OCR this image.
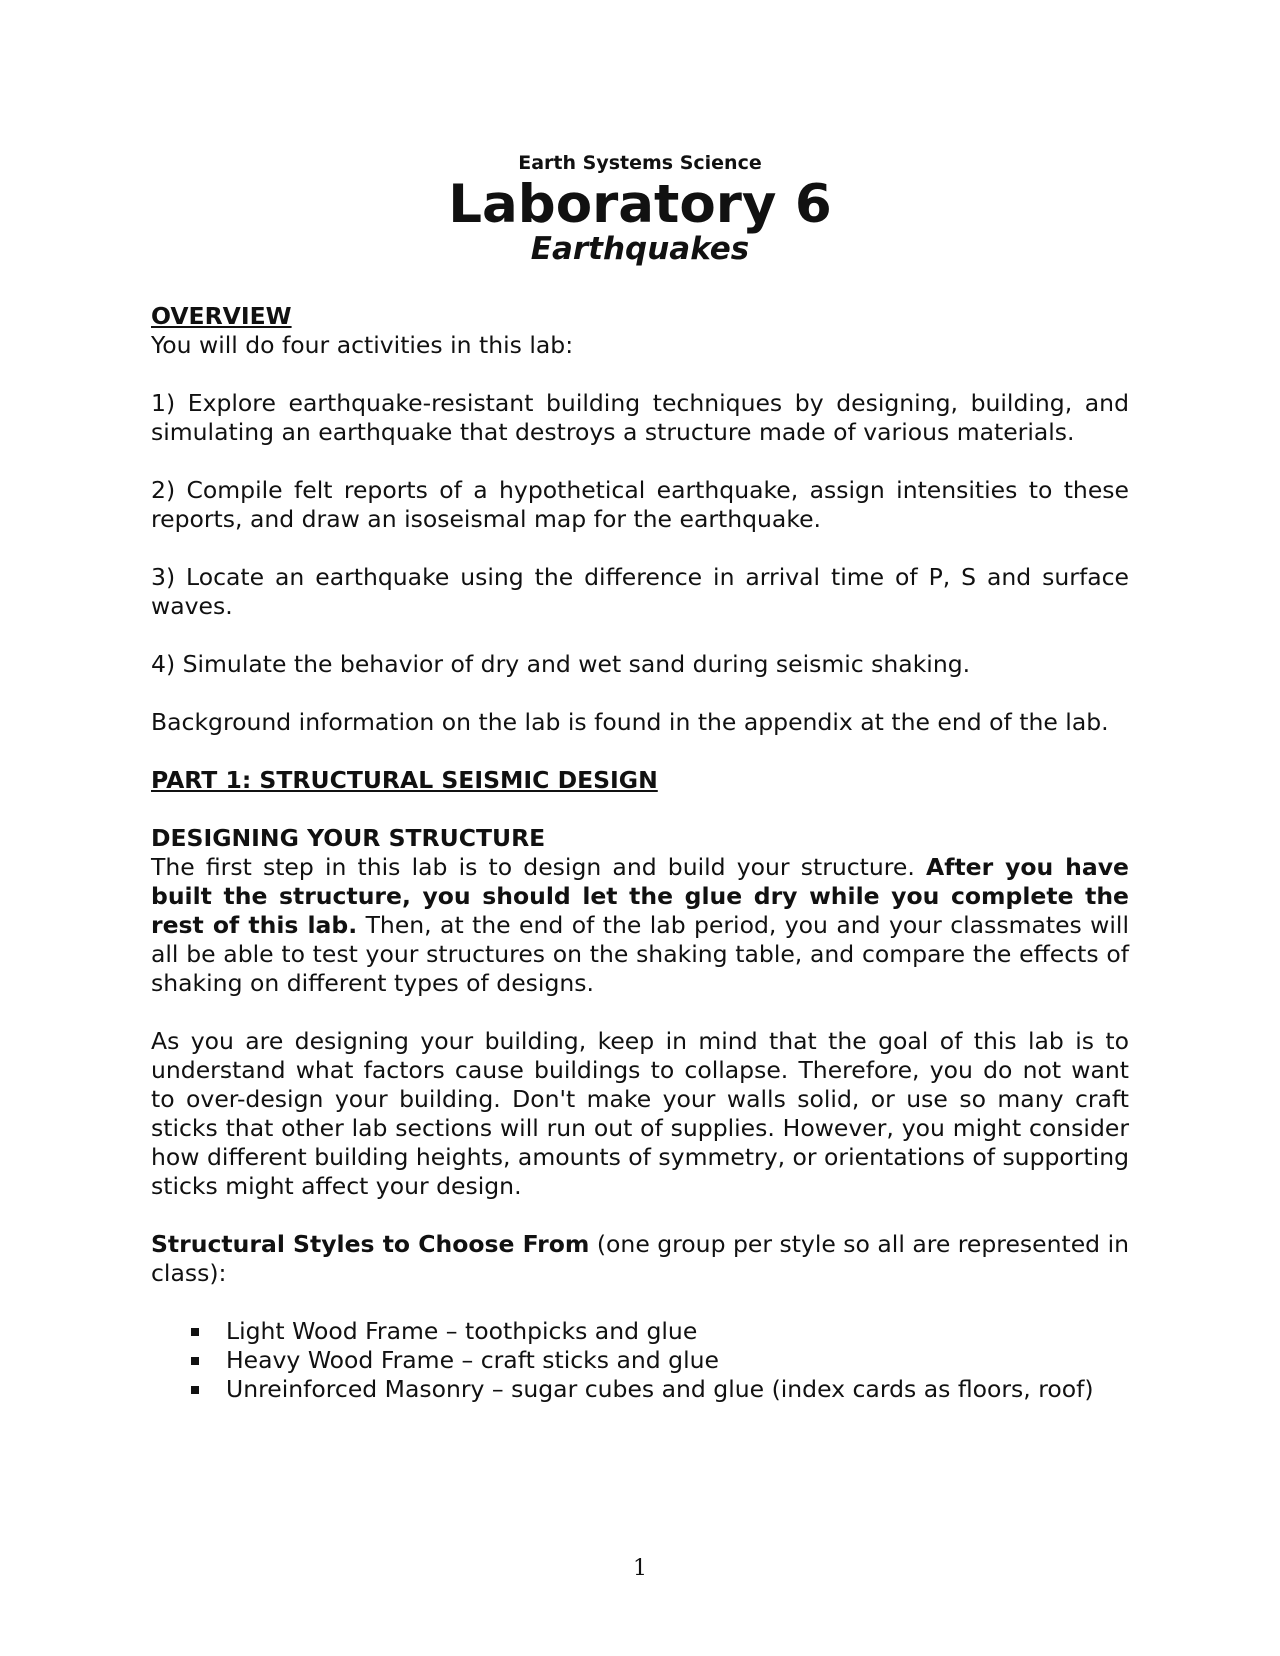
Earth Systems Science
Laboratory 6
Earthquakes

OVERVIEW

You will do four activities in this lab:

1) Explore earthquake-resistant building techniques by designing, building, and simulating an earthquake that destroys a structure made of various materials.

2) Compile felt reports of a hypothetical earthquake, assign intensities to these reports, and draw an isoseismal map for the earthquake.

3) Locate an earthquake using the difference in arrival time of P, S and surface waves.

4) Simulate the behavior of dry and wet sand during seismic shaking.

Background information on the lab is found in the appendix at the end of the lab.

PART 1: STRUCTURAL SEISMIC DESIGN

DESIGNING YOUR STRUCTURE

The first step in this lab is to design and build your structure. After you have built the structure, you should let the glue dry while you complete the rest of this lab. Then, at the end of the lab period, you and your classmates will all be able to test your structures on the shaking table, and compare the effects of shaking on different types of designs.

As you are designing your building, keep in mind that the goal of this lab is to understand what factors cause buildings to collapse. Therefore, you do not want to over-design your building. Don't make your walls solid, or use so many craft sticks that other lab sections will run out of supplies. However, you might consider how different building heights, amounts of symmetry, or orientations of supporting sticks might affect your design.

Structural Styles to Choose From (one group per style so all are represented in class):

Light Wood Frame – toothpicks and glue
Heavy Wood Frame – craft sticks and glue
Unreinforced Masonry – sugar cubes and glue (index cards as floors, roof)
1
